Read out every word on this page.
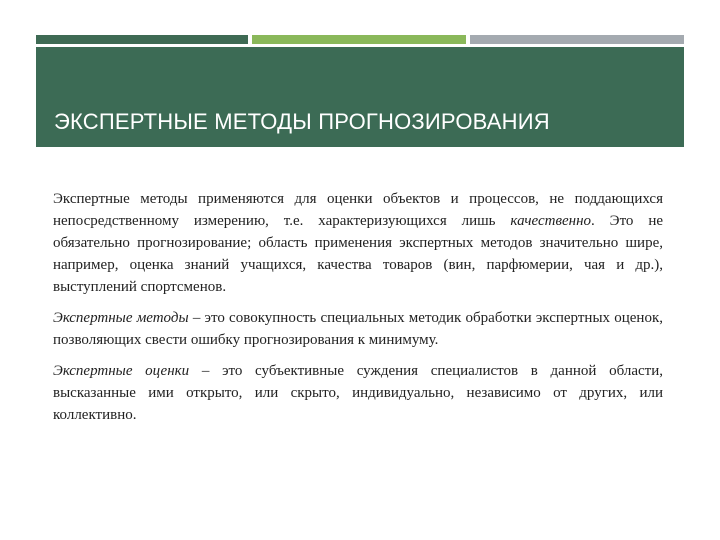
ЭКСПЕРТНЫЕ МЕТОДЫ ПРОГНОЗИРОВАНИЯ

Экспертные методы применяются для оценки объектов и процессов, не поддающихся непосредственному измерению, т.е. характеризующихся лишь качественно. Это не обязательно прогнозирование; область применения экспертных методов значительно шире, например, оценка знаний учащихся, качества товаров (вин, парфюмерии, чая и др.), выступлений спортсменов.

Экспертные методы – это совокупность специальных методик обработки экспертных оценок, позволяющих свести ошибку прогнозирования к минимуму.

Экспертные оценки – это субъективные суждения специалистов в данной области, высказанные ими открыто, или скрыто, индивидуально, независимо от других, или коллективно.
